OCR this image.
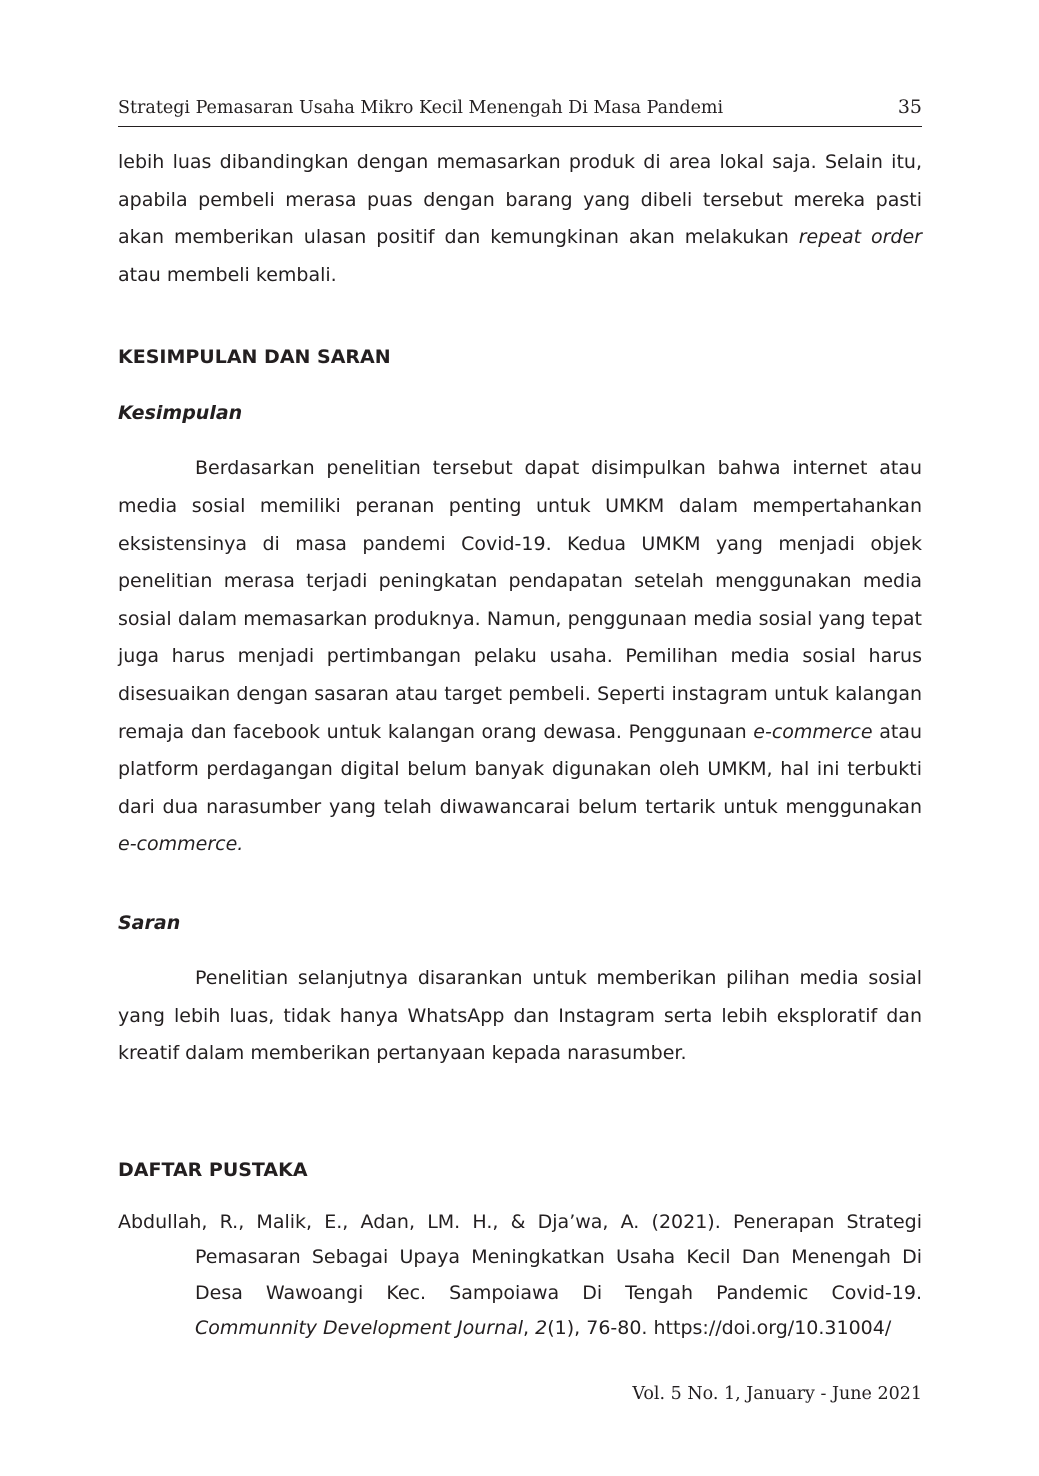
Strategi Pemasaran Usaha Mikro Kecil Menengah Di Masa Pandemi	35

lebih luas dibandingkan dengan memasarkan produk di area lokal saja. Selain itu, apabila pembeli merasa puas dengan barang yang dibeli tersebut mereka pasti akan memberikan ulasan positif dan kemungkinan akan melakukan repeat order atau membeli kembali.

KESIMPULAN DAN SARAN
Kesimpulan

Berdasarkan penelitian tersebut dapat disimpulkan bahwa internet atau media sosial memiliki peranan penting untuk UMKM dalam mempertahankan eksistensinya di masa pandemi Covid-19. Kedua UMKM yang menjadi objek penelitian merasa terjadi peningkatan pendapatan setelah menggunakan media sosial dalam memasarkan produknya. Namun, penggunaan media sosial yang tepat juga harus menjadi pertimbangan pelaku usaha. Pemilihan media sosial harus disesuaikan dengan sasaran atau target pembeli. Seperti instagram untuk kalangan remaja dan facebook untuk kalangan orang dewasa. Penggunaan e-commerce atau platform perdagangan digital belum banyak digunakan oleh UMKM, hal ini terbukti dari dua narasumber yang telah diwawancarai belum tertarik untuk menggunakan e-commerce.

Saran

Penelitian selanjutnya disarankan untuk memberikan pilihan media sosial yang lebih luas, tidak hanya WhatsApp dan Instagram serta lebih eksploratif dan kreatif dalam memberikan pertanyaan kepada narasumber.

DAFTAR PUSTAKA

Abdullah, R., Malik, E., Adan, LM. H., & Dja’wa, A. (2021). Penerapan Strategi Pemasaran Sebagai Upaya Meningkatkan Usaha Kecil Dan Menengah Di Desa Wawoangi Kec. Sampoiawa Di Tengah Pandemic Covid-19. Communnity Development Journal, 2(1), 76-80. https://doi.org/10.31004/

Vol. 5 No. 1, January - June 2021
